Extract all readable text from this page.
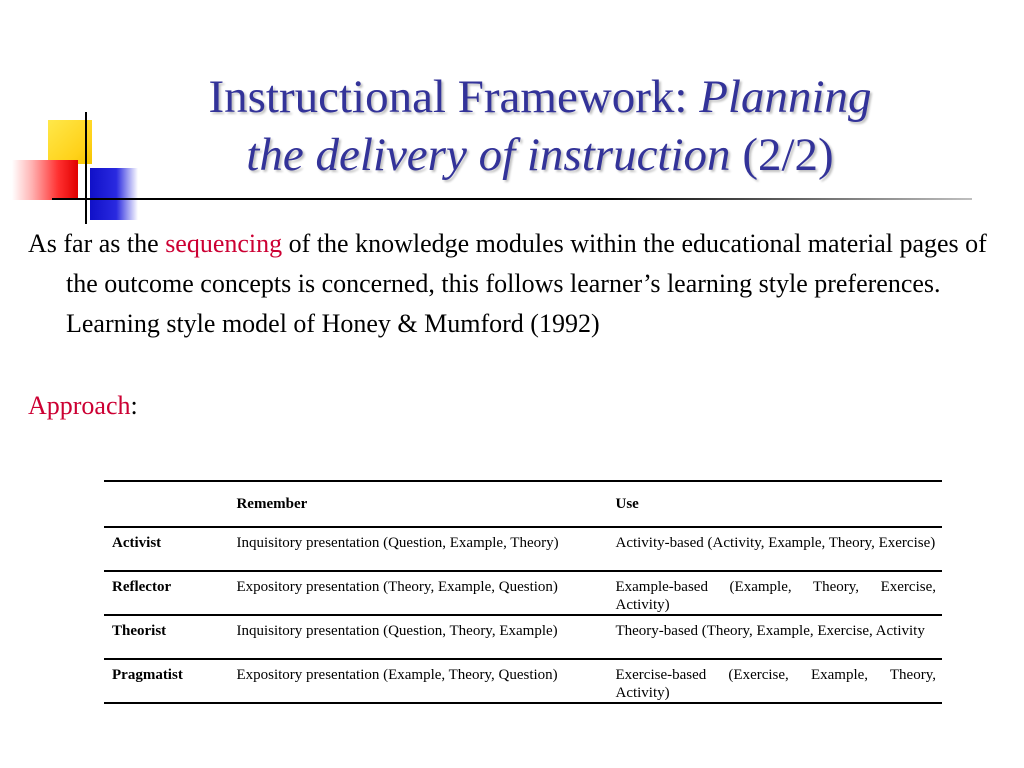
Instructional Framework: Planning
the delivery of instruction (2/2)

As far as the sequencing of the knowledge modules within the educational material pages of the outcome concepts is concerned, this follows learner’s learning style preferences. Learning style model of Honey & Mumford (1992)

Approach:

	Remember	Use
Activist	Inquisitory presentation (Question, Example, Theory)	Activity-based (Activity, Example, Theory, Exercise)
Reflector	Expository presentation (Theory, Example, Question)	Example-based (Example, Theory, Exercise, Activity)
Theorist	Inquisitory presentation (Question, Theory, Example)	Theory-based (Theory, Example, Exercise, Activity
Pragmatist	Expository presentation (Example, Theory, Question)	Exercise-based (Exercise, Example, Theory, Activity)
